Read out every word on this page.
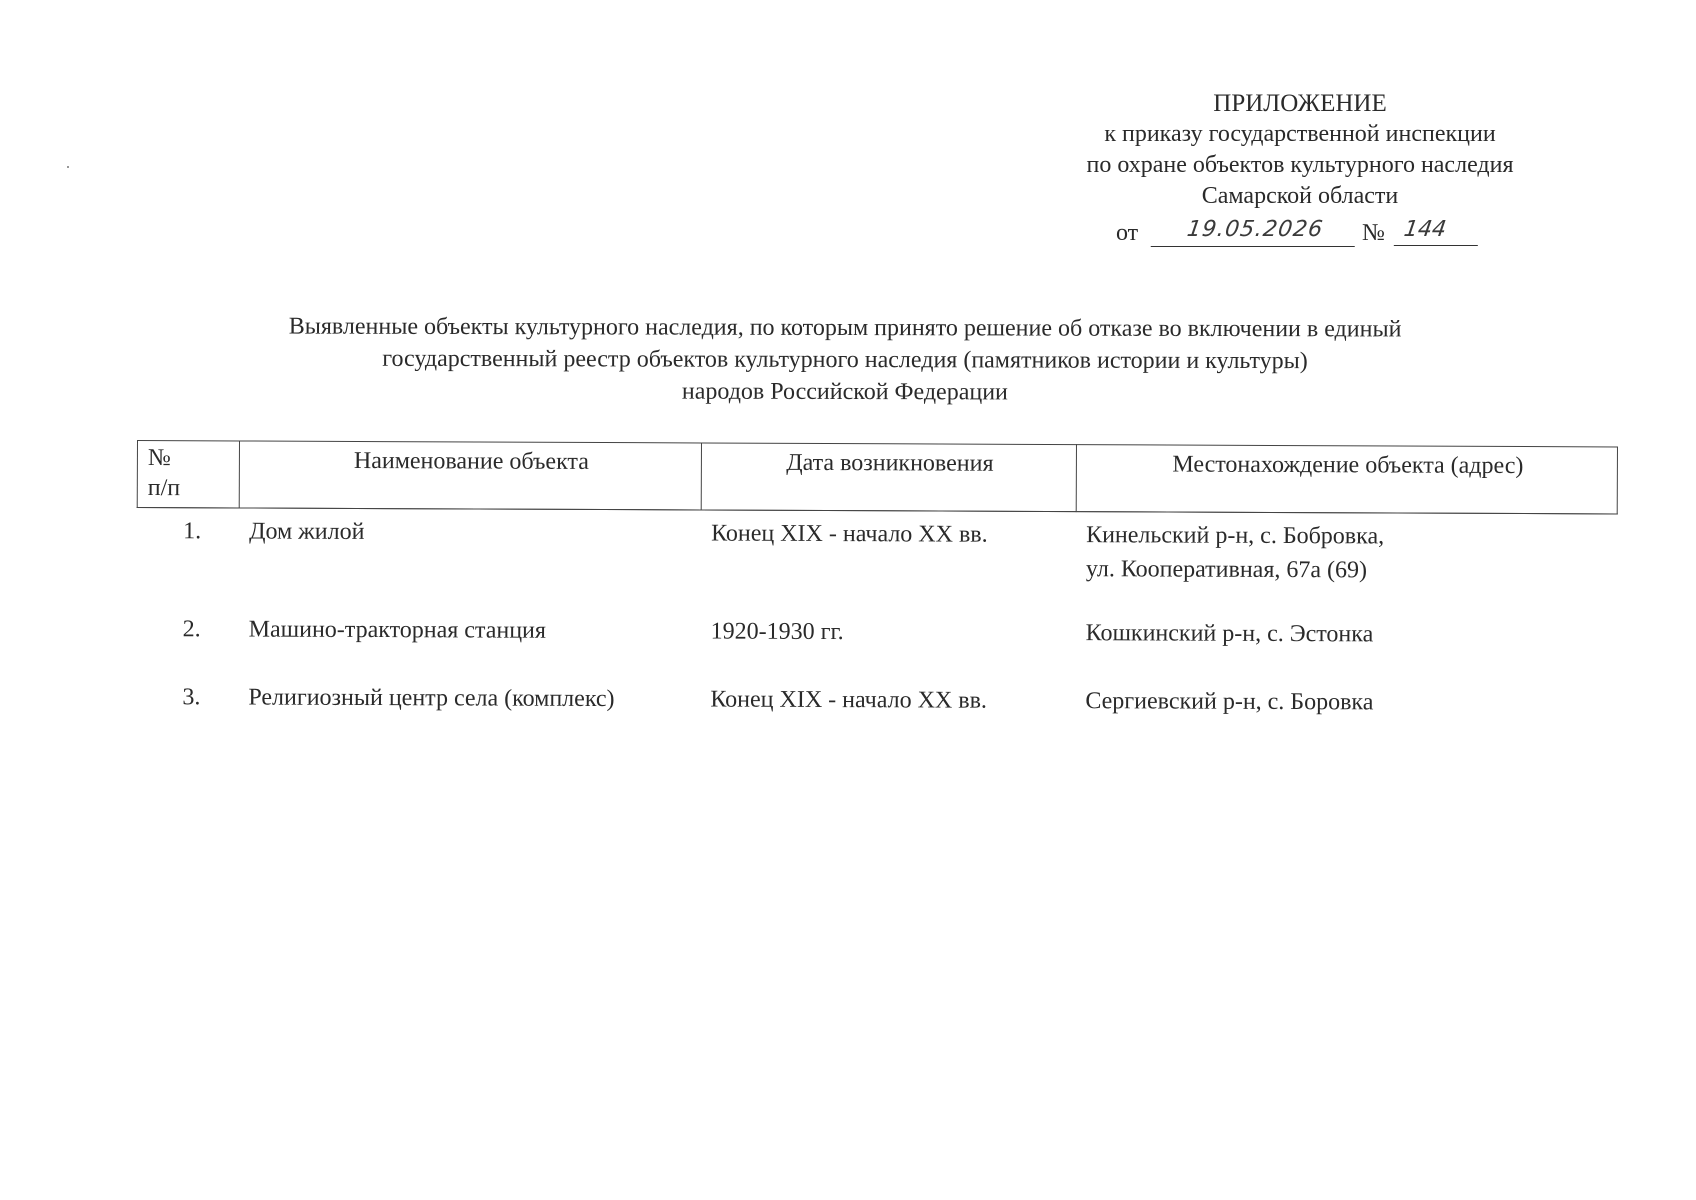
ПРИЛОЖЕНИЕ
к приказу государственной инспекции
по охране объектов культурного наследия
Самарской области
от	19.05.2026	№ 144
Выявленные объекты культурного наследия, по которым принято решение об отказе во включении в единый
государственный реестр объектов культурного наследия (памятников истории и культуры)
народов Российской Федерации
№
п/п	Наименование объекта	Дата возникновения	Местонахождение объекта (адрес)
1.	Дом жилой	Конец XIX - начало XX вв.	Кинельский р-н, с. Бобровка,
ул. Кооперативная, 67а (69)

2.	Машино-тракторная станция	1920-1930 гг.	Кошкинский р-н, с. Эстонка

3.	Религиозный центр села (комплекс)	Конец XIX - начало XX вв.	Сергиевский р-н, с. Боровка
